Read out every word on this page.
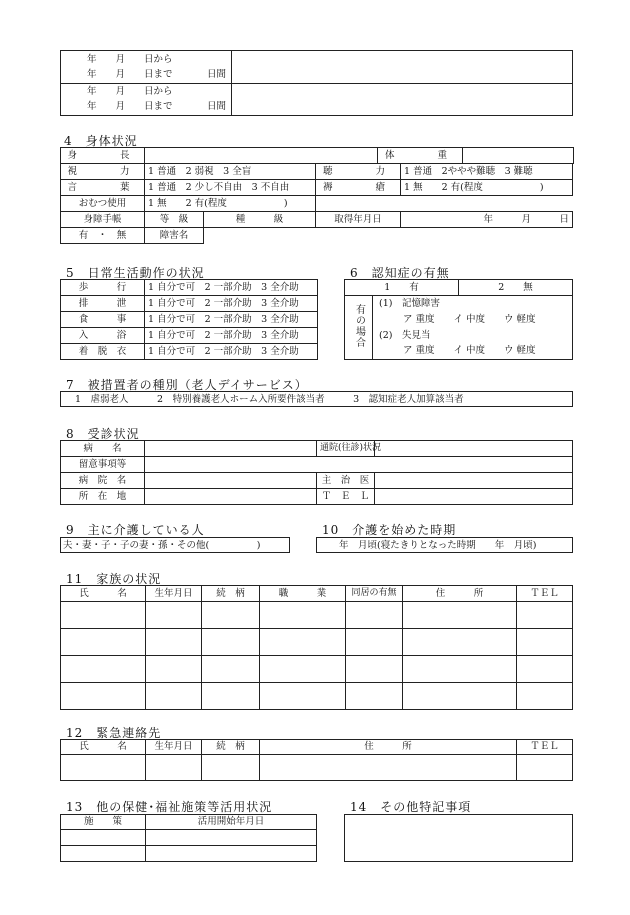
年　　月　　日から
年　　月　　日まで 日間	

年　　月　　日から
年　　月　　日まで 日間	

4　身体状況
身　　長		体　　重	
視　　力	1 普通　2 弱視　3 全盲	聴　　力	1 普通　2ややや難聴　3 難聴
言　　葉	1 普通　2 少し不自由　3 不自由	褥　　瘡	1 無　　2 有(程度　　　　　　)
おむつ使用	1 無　　2 有(程度　　　　　　)		
身障手帳	等　級	種　　　級	取得年月日	年　　　月　　　日
有　・　無	障害名			
5　日常生活動作の状況
歩　　　行	1 自分で可　2 一部介助　3 全介助
排　　　泄	1 自分で可　2 一部介助　3 全介助
食　　　事	1 自分で可　2 一部介助　3 全介助
入　　　浴	1 自分で可　2 一部介助　3 全介助
着　脱　衣	1 自分で可　2 一部介助　3 全介助
6　認知症の有無
1　　有		2　　無
有の場合	(1)　記憶障害
ア 重度　　イ 中度　　ウ 軽度
(2)　失見当
ア 重度　　イ 中度　　ウ 軽度	
7　被措置者の種別（老人デイサービス）
1　虐弱老人　　　2　特別養護老人ホーム入所要件該当者　　　3　認知症老人加算該当者
8　受診状況
病　　名		通院(往診)状況	
留意事項等			
病　院　名		主　治　医	
所　在　地		Ｔ　Ｅ　Ｌ	
9　主に介護している人
夫・妻・子・子の妻・孫・その他(　　　　　)
10　介護を始めた時期
年　月頃(寝たきりとなった時期　　年　月頃)
11　家族の状況
氏　　　名	生年月日	続　柄	職　　　業	同居の有無	住　　　所	ＴＥＬ

12　緊急連絡先
氏　　　名	生年月日	続　柄	住　　　所	ＴＥＬ

13　他の保健･福祉施策等活用状況
施　　策	活用開始年月日

14　その他特記事項
